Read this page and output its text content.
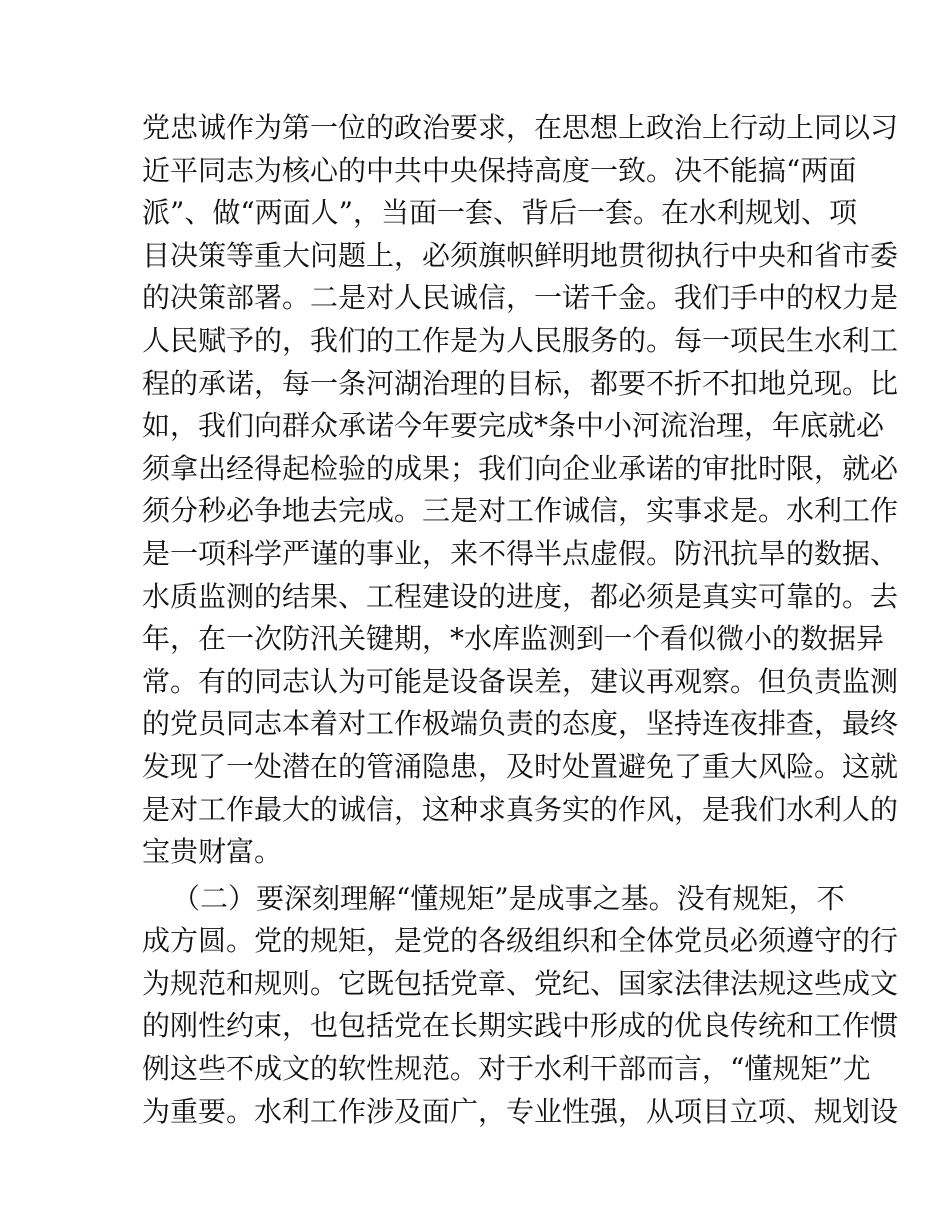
党忠诚作为第一位的政治要求，在思想上政治上行动上同以习
近平同志为核心的中共中央保持高度一致。决不能搞“两面
派”、做“两面人”，当面一套、背后一套。在水利规划、项
目决策等重大问题上，必须旗帜鲜明地贯彻执行中央和省市委
的决策部署。二是对人民诚信，一诺千金。我们手中的权力是
人民赋予的，我们的工作是为人民服务的。每一项民生水利工
程的承诺，每一条河湖治理的目标，都要不折不扣地兑现。比
如，我们向群众承诺今年要完成*条中小河流治理，年底就必
须拿出经得起检验的成果；我们向企业承诺的审批时限，就必
须分秒必争地去完成。三是对工作诚信，实事求是。水利工作
是一项科学严谨的事业，来不得半点虚假。防汛抗旱的数据、
水质监测的结果、工程建设的进度，都必须是真实可靠的。去
年，在一次防汛关键期，*水库监测到一个看似微小的数据异
常。有的同志认为可能是设备误差，建议再观察。但负责监测
的党员同志本着对工作极端负责的态度，坚持连夜排查，最终
发现了一处潜在的管涌隐患，及时处置避免了重大风险。这就
是对工作最大的诚信，这种求真务实的作风，是我们水利人的
宝贵财富。
（二）要深刻理解“懂规矩”是成事之基。没有规矩，不
成方圆。党的规矩，是党的各级组织和全体党员必须遵守的行
为规范和规则。它既包括党章、党纪、国家法律法规这些成文
的刚性约束，也包括党在长期实践中形成的优良传统和工作惯
例这些不成文的软性规范。对于水利干部而言，“懂规矩”尤
为重要。水利工作涉及面广，专业性强，从项目立项、规划设
